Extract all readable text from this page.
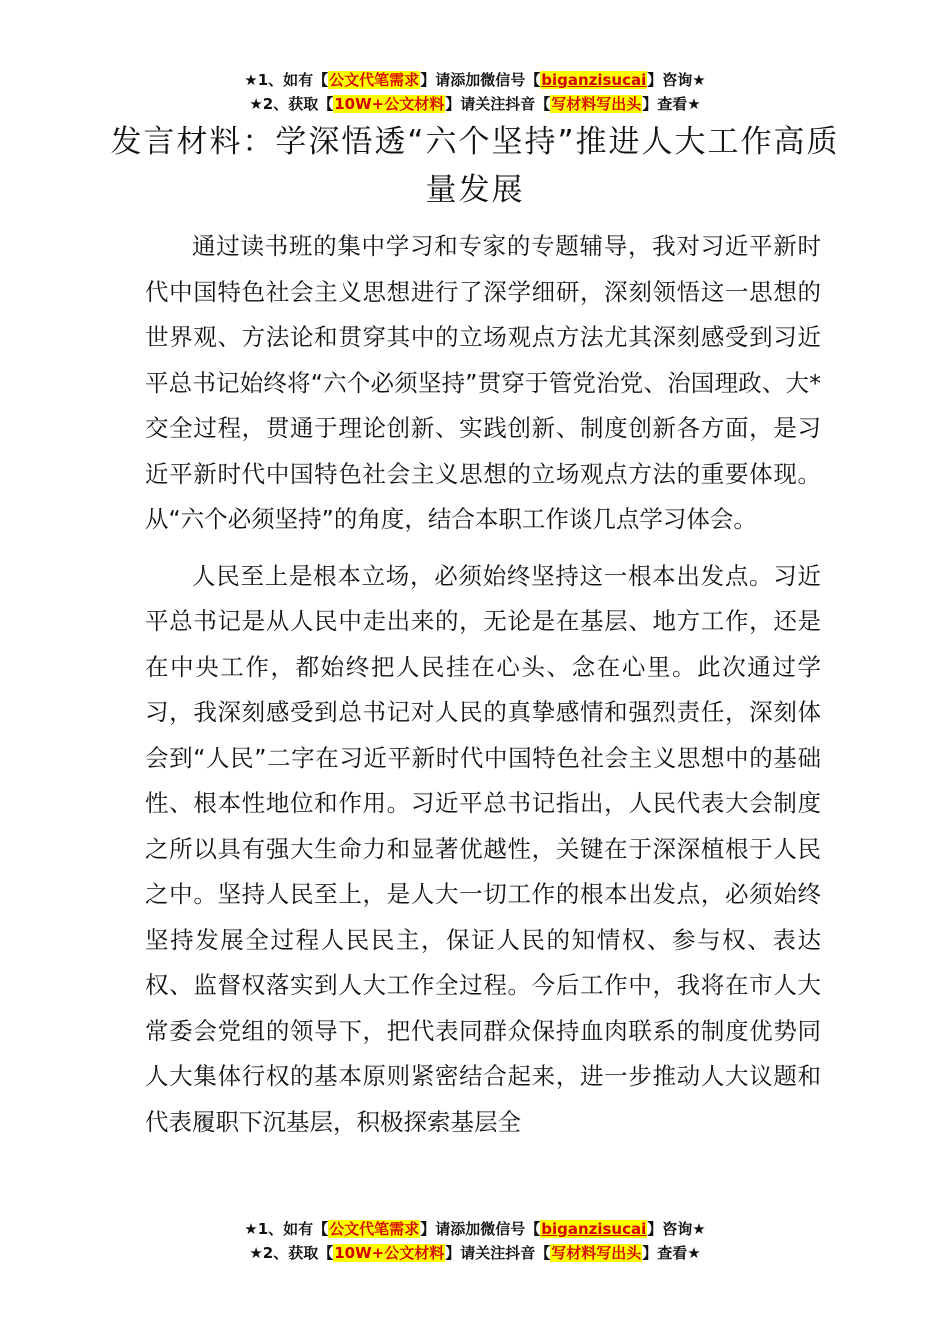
★1、如有【公文代笔需求】请添加微信号【biganzisucai】咨询★
★2、获取【10W+公文材料】请关注抖音【写材料写出头】查看★
发言材料：学深悟透“六个坚持”推进人大工作高质量发展

通过读书班的集中学习和专家的专题辅导，我对习近平新时代中国特色社会主义思想进行了深学细研，深刻领悟这一思想的世界观、方法论和贯穿其中的立场观点方法尤其深刻感受到习近平总书记始终将“六个必须坚持”贯穿于管党治党、治国理政、大*交全过程，贯通于理论创新、实践创新、制度创新各方面，是习近平新时代中国特色社会主义思想的立场观点方法的重要体现。从“六个必须坚持”的角度，结合本职工作谈几点学习体会。

人民至上是根本立场，必须始终坚持这一根本出发点。习近平总书记是从人民中走出来的，无论是在基层、地方工作，还是在中央工作，都始终把人民挂在心头、念在心里。此次通过学习，我深刻感受到总书记对人民的真挚感情和强烈责任，深刻体会到“人民”二字在习近平新时代中国特色社会主义思想中的基础性、根本性地位和作用。习近平总书记指出，人民代表大会制度之所以具有强大生命力和显著优越性，关键在于深深植根于人民之中。坚持人民至上，是人大一切工作的根本出发点，必须始终坚持发展全过程人民民主，保证人民的知情权、参与权、表达权、监督权落实到人大工作全过程。今后工作中，我将在市人大常委会党组的领导下，把代表同群众保持血肉联系的制度优势同人大集体行权的基本原则紧密结合起来，进一步推动人大议题和代表履职下沉基层，积极探索基层全

★1、如有【公文代笔需求】请添加微信号【biganzisucai】咨询★
★2、获取【10W+公文材料】请关注抖音【写材料写出头】查看★
